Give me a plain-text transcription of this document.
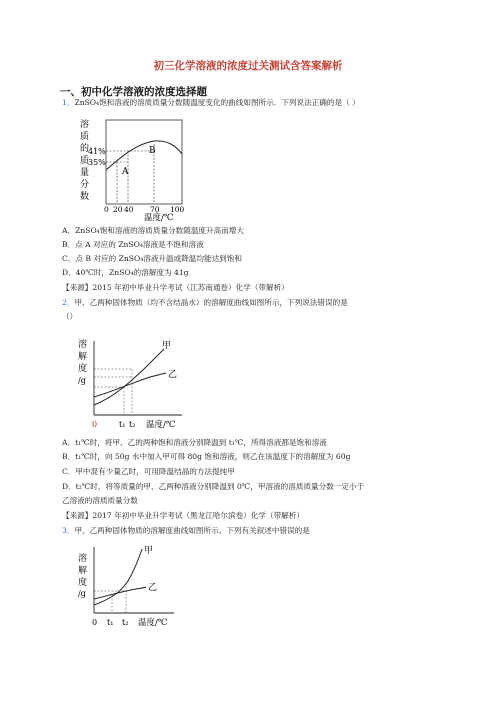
初三化学溶液的浓度过关测试含答案解析
一、初中化学溶液的浓度选择题
1．ZnSO₄饱和溶液的溶质质量分数随温度变化的曲线如图所示．下列说法正确的是（ ）
溶
质
的
质
量
分
数
41%
35%
A
B
0 20 40 70 100
温度/℃
A．ZnSO₄饱和溶液的溶质质量分数随温度升高而增大
B．点 A 对应的 ZnSO₄溶液是不饱和溶液
C．点 B 对应的 ZnSO₄溶液升温或降温均能达到饱和
D．40℃时，ZnSO₄的溶解度为 41g
【来源】2015 年初中毕业升学考试（江苏南通卷）化学（带解析）
2．甲、乙两种固体物质（均不含结晶水）的溶解度曲线如图所示，下列说法错误的是
（）
溶
解
度
/g
甲
乙
0	t₁ t₂ 温度/℃
A．t₁℃时，将甲、乙的两种饱和溶液分别降温到 t₁℃，所得溶液都是饱和溶液
B．t₁℃时，向 50g 水中加入甲可得 80g 饱和溶液，则乙在该温度下的溶解度为 60g
C．甲中混有少量乙时，可用降温结晶的方法提纯甲
D．t₂℃时，将等质量的甲、乙两种溶液分别降温到 0℃，甲溶液的溶质质量分数一定小于
乙溶液的溶质质量分数
【来源】2017 年初中毕业升学考试（黑龙江哈尔滨卷）化学（带解析）
3．甲、乙两种固体物质的溶解度曲线如图所示。下列有关叙述中错误的是
溶
解
度
/g
甲
乙
0 t₁ t₂ 温度/℃
